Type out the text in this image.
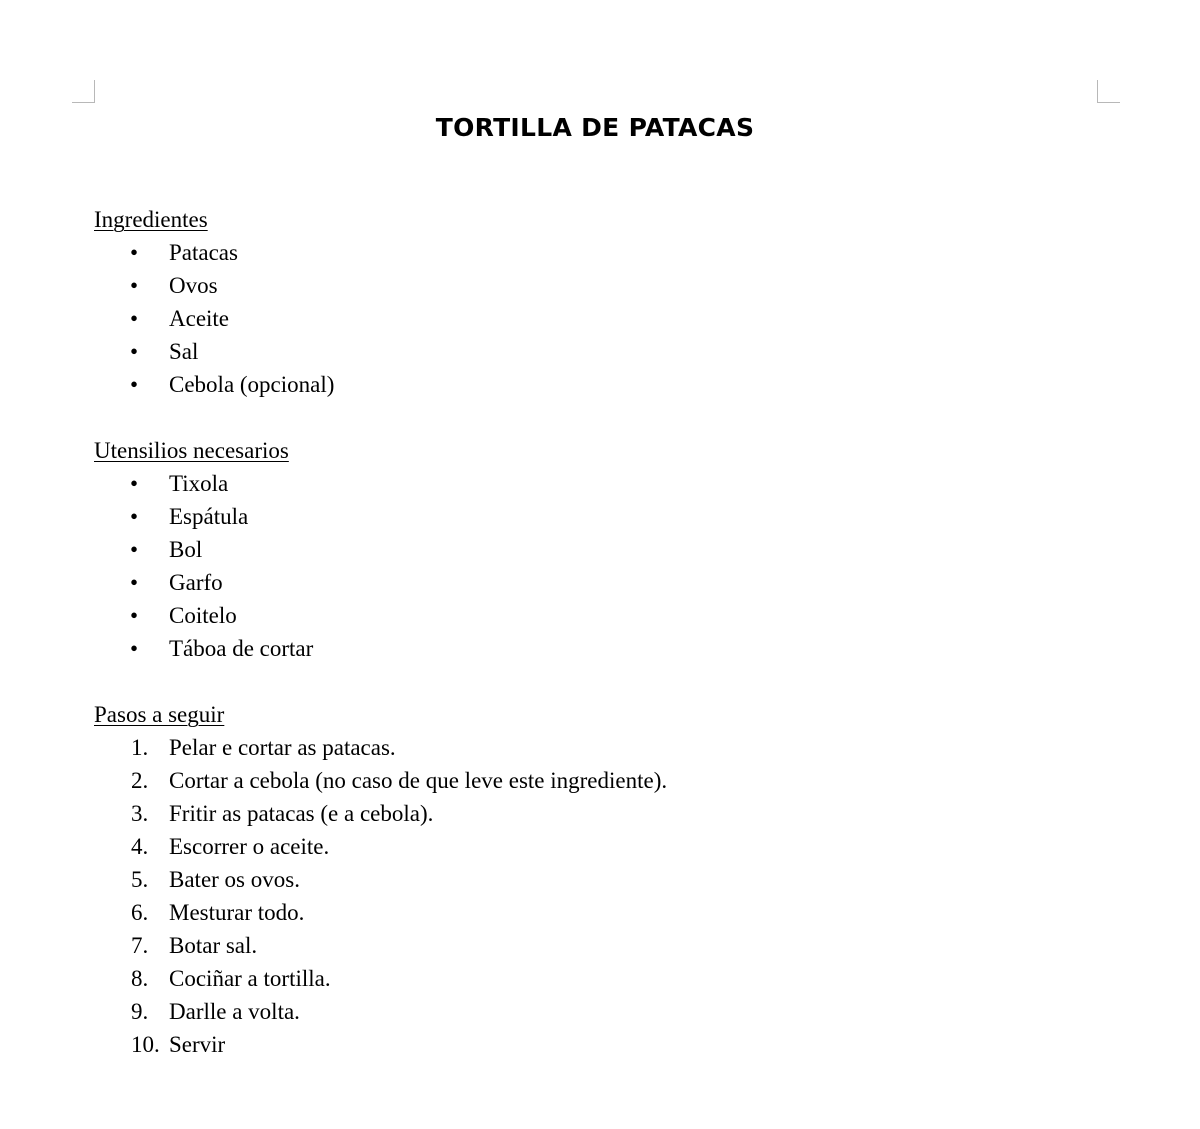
TORTILLA DE PATACAS
Ingredientes
• Patacas
• Ovos
• Aceite
• Sal
• Cebola (opcional)
Utensilios necesarios
• Tixola
• Espátula
• Bol
• Garfo
• Coitelo
• Táboa de cortar
Pasos a seguir
1. Pelar e cortar as patacas.
2. Cortar a cebola (no caso de que leve este ingrediente).
3. Fritir as patacas (e a cebola).
4. Escorrer o aceite.
5. Bater os ovos.
6. Mesturar todo.
7. Botar sal.
8. Cociñar a tortilla.
9. Darlle a volta.
10. Servir
